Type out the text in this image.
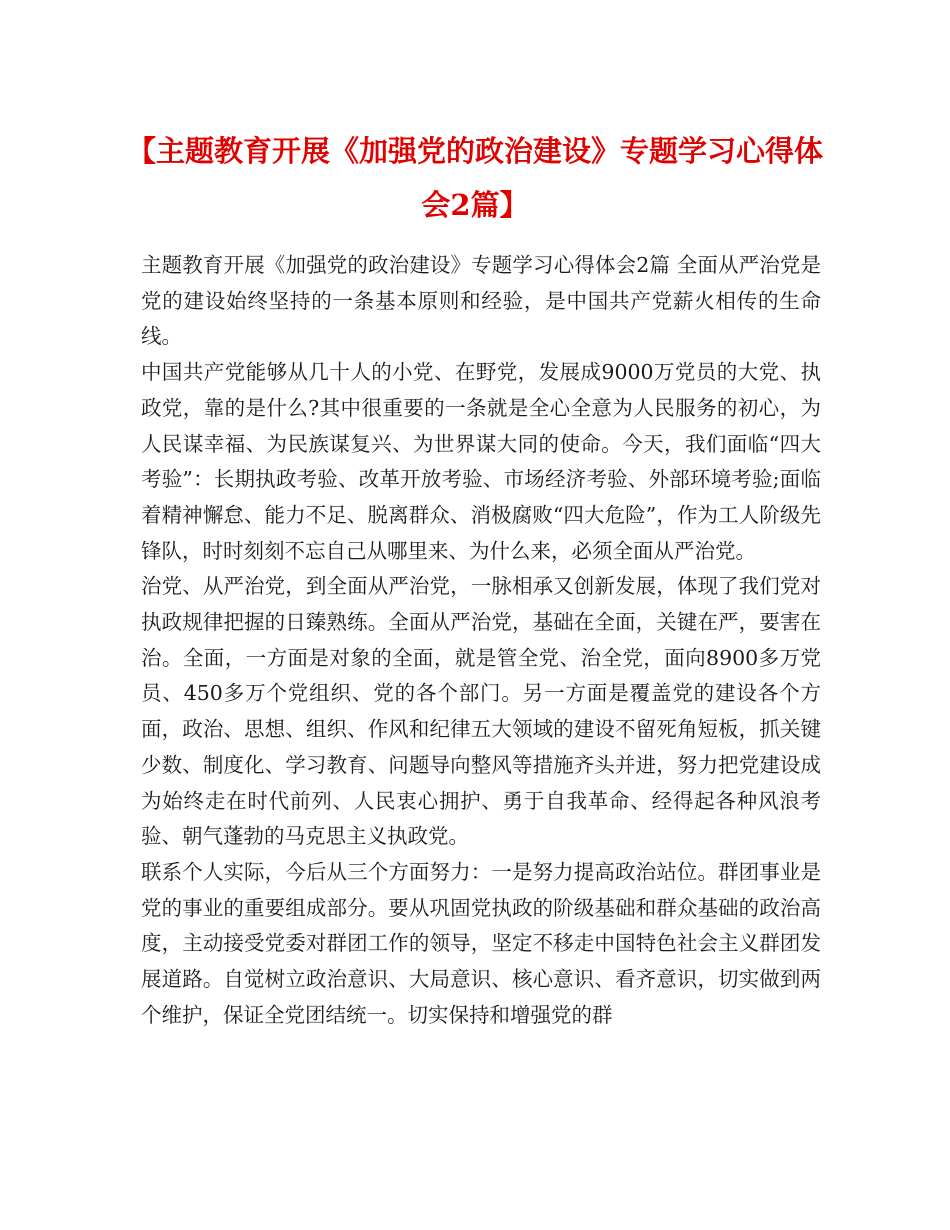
【主题教育开展《加强党的政治建设》专题学习心得体会2篇】

主题教育开展《加强党的政治建设》专题学习心得体会2篇 全面从严治党是党的建设始终坚持的一条基本原则和经验，是中国共产党薪火相传的生命线。

中国共产党能够从几十人的小党、在野党，发展成9000万党员的大党、执政党，靠的是什么?其中很重要的一条就是全心全意为人民服务的初心，为人民谋幸福、为民族谋复兴、为世界谋大同的使命。今天，我们面临“四大考验”：长期执政考验、改革开放考验、市场经济考验、外部环境考验;面临着精神懈怠、能力不足、脱离群众、消极腐败“四大危险”，作为工人阶级先锋队，时时刻刻不忘自己从哪里来、为什么来，必须全面从严治党。

治党、从严治党，到全面从严治党，一脉相承又创新发展，体现了我们党对执政规律把握的日臻熟练。全面从严治党，基础在全面，关键在严，要害在治。全面，一方面是对象的全面，就是管全党、治全党，面向8900多万党员、450多万个党组织、党的各个部门。另一方面是覆盖党的建设各个方面，政治、思想、组织、作风和纪律五大领域的建设不留死角短板，抓关键少数、制度化、学习教育、问题导向整风等措施齐头并进，努力把党建设成为始终走在时代前列、人民衷心拥护、勇于自我革命、经得起各种风浪考验、朝气蓬勃的马克思主义执政党。

联系个人实际，今后从三个方面努力：一是努力提高政治站位。群团事业是党的事业的重要组成部分。要从巩固党执政的阶级基础和群众基础的政治高度，主动接受党委对群团工作的领导，坚定不移走中国特色社会主义群团发展道路。自觉树立政治意识、大局意识、核心意识、看齐意识，切实做到两个维护，保证全党团结统一。切实保持和增强党的群
